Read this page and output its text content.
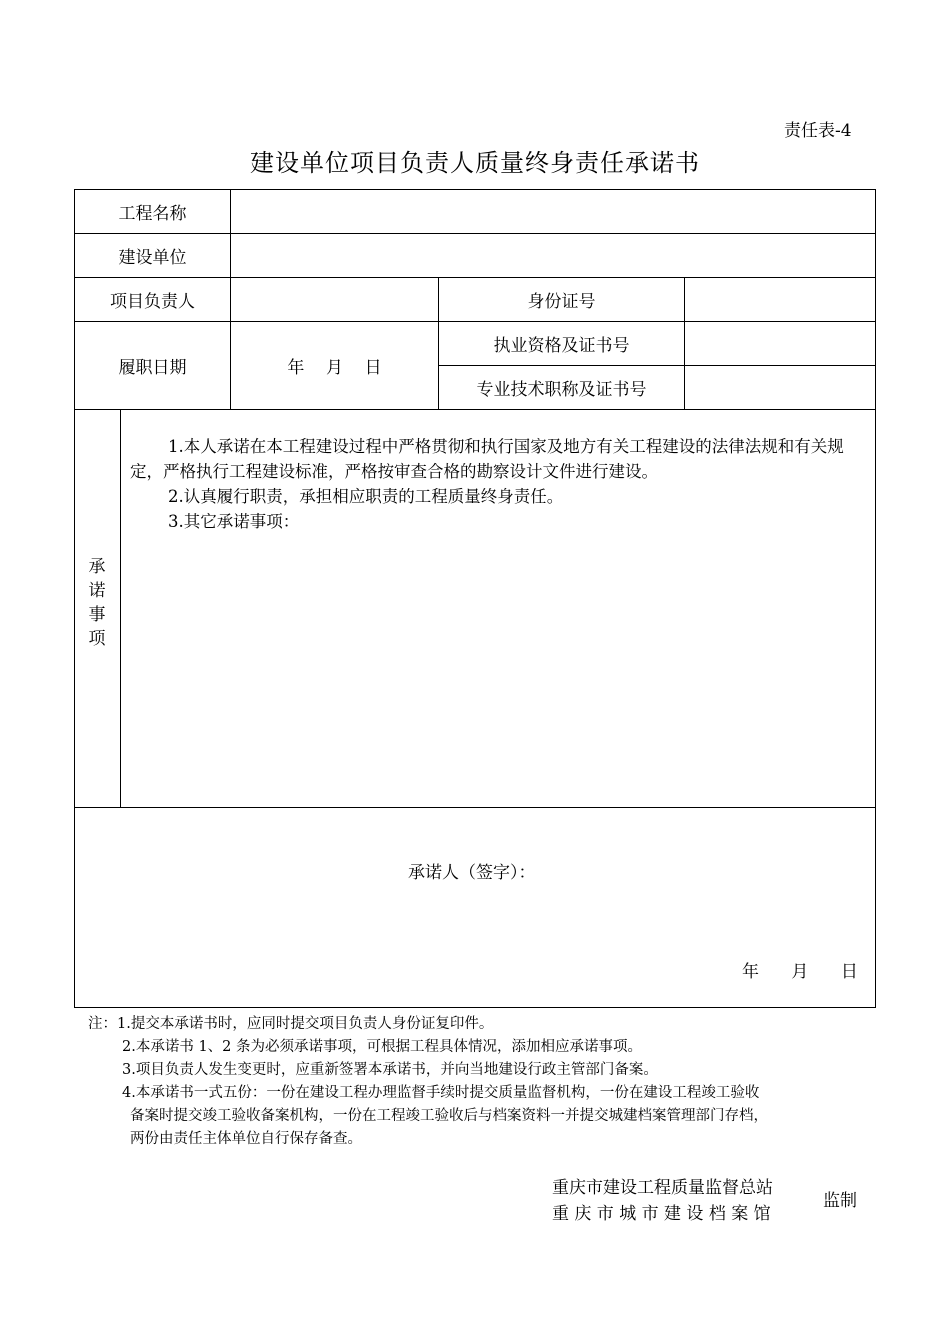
责任表-4
建设单位项目负责人质量终身责任承诺书
工程名称
建设单位
项目负责人	身份证号
履职日期	年    月    日
执业资格及证书号
专业技术职称及证书号
承
诺
事
项

1.本人承诺在本工程建设过程中严格贯彻和执行国家及地方有关工程建设的法律法规和有关规定，严格执行工程建设标准，严格按审查合格的勘察设计文件进行建设。

2.认真履行职责，承担相应职责的工程质量终身责任。

3.其它承诺事项：

承诺人（签字）：
年      月      日

注：1.提交本承诺书时，应同时提交项目负责人身份证复印件。

2.本承诺书 1、2 条为必须承诺事项，可根据工程具体情况，添加相应承诺事项。

3.项目负责人发生变更时，应重新签署本承诺书，并向当地建设行政主管部门备案。

4.本承诺书一式五份：一份在建设工程办理监督手续时提交质量监督机构，一份在建设工程竣工验收

备案时提交竣工验收备案机构，一份在工程竣工验收后与档案资料一并提交城建档案管理部门存档，

两份由责任主体单位自行保存备查。

重庆市建设工程质量监督总站
重 庆 市 城 市 建 设 档 案 馆
监制
